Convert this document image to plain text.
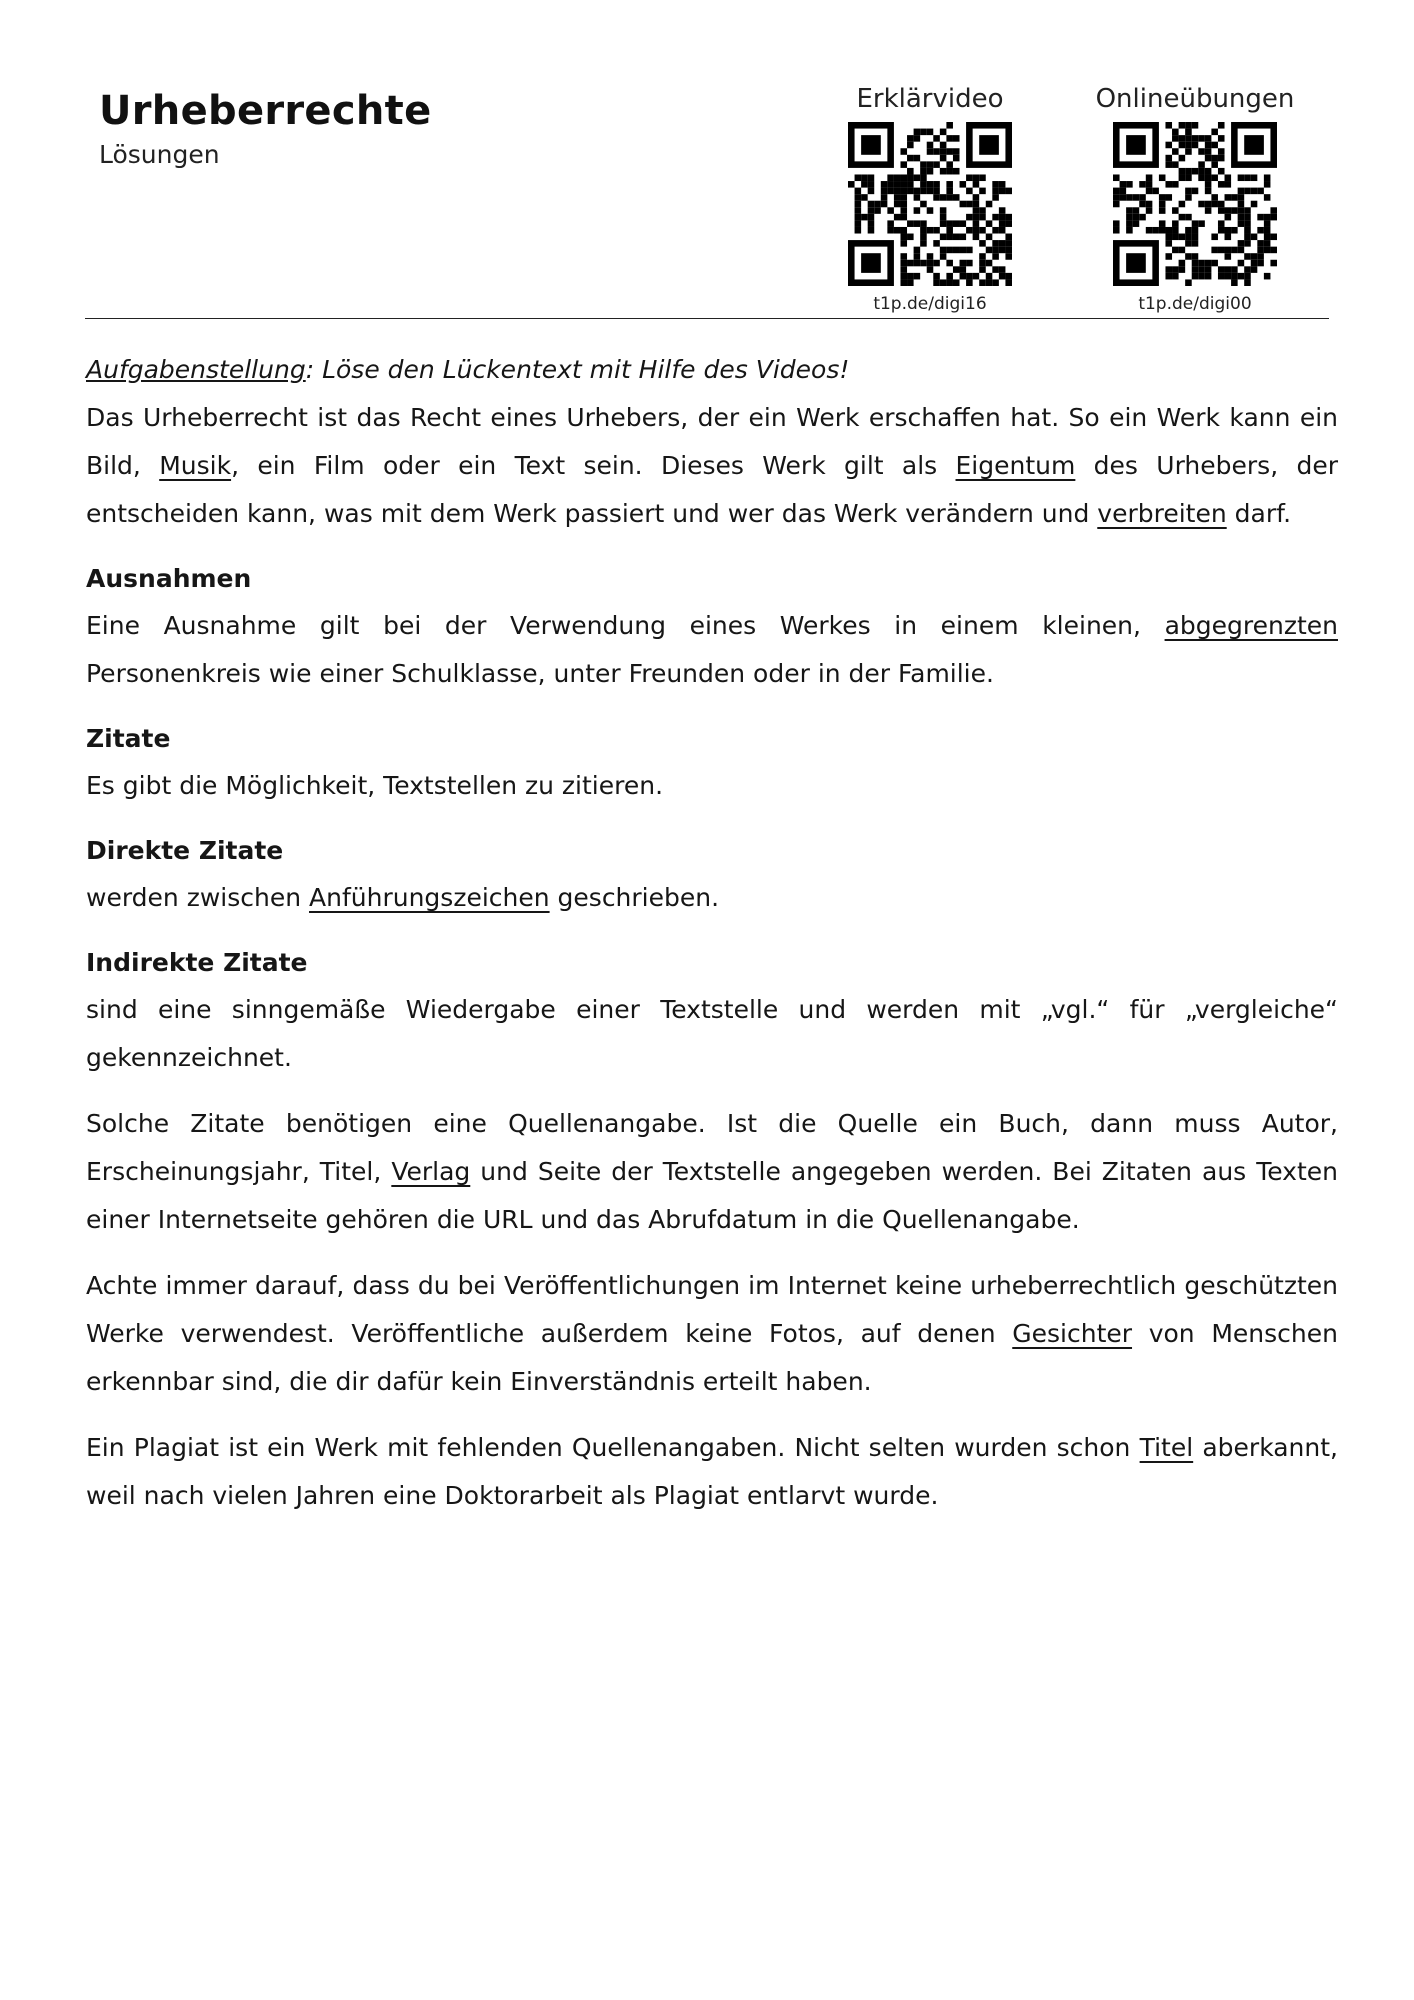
Urheberrechte
Lösungen
Erklärvideo
t1p.de/digi16
Onlineübungen
t1p.de/digi00

Aufgabenstellung: Löse den Lückentext mit Hilfe des Videos!

Das Urheberrecht ist das Recht eines Urhebers, der ein Werk erschaffen hat. So ein Werk kann ein Bild, Musik, ein Film oder ein Text sein. Dieses Werk gilt als Eigentum des Urhebers, der entscheiden kann, was mit dem Werk passiert und wer das Werk verändern und verbreiten darf.

Ausnahmen

Eine Ausnahme gilt bei der Verwendung eines Werkes in einem kleinen, abgegrenzten Personenkreis wie einer Schulklasse, unter Freunden oder in der Familie.

Zitate

Es gibt die Möglichkeit, Textstellen zu zitieren.

Direkte Zitate

werden zwischen Anführungszeichen geschrieben.

Indirekte Zitate

sind eine sinngemäße Wiedergabe einer Textstelle und werden mit „vgl.“ für „vergleiche“ gekennzeichnet.

Solche Zitate benötigen eine Quellenangabe. Ist die Quelle ein Buch, dann muss Autor, Erscheinungsjahr, Titel, Verlag und Seite der Textstelle angegeben werden. Bei Zitaten aus Texten einer Internetseite gehören die URL und das Abrufdatum in die Quellenangabe.

Achte immer darauf, dass du bei Veröffentlichungen im Internet keine urheberrechtlich geschützten Werke verwendest. Veröffentliche außerdem keine Fotos, auf denen Gesichter von Menschen erkennbar sind, die dir dafür kein Einverständnis erteilt haben.

Ein Plagiat ist ein Werk mit fehlenden Quellenangaben. Nicht selten wurden schon Titel aberkannt, weil nach vielen Jahren eine Doktorarbeit als Plagiat entlarvt wurde.
